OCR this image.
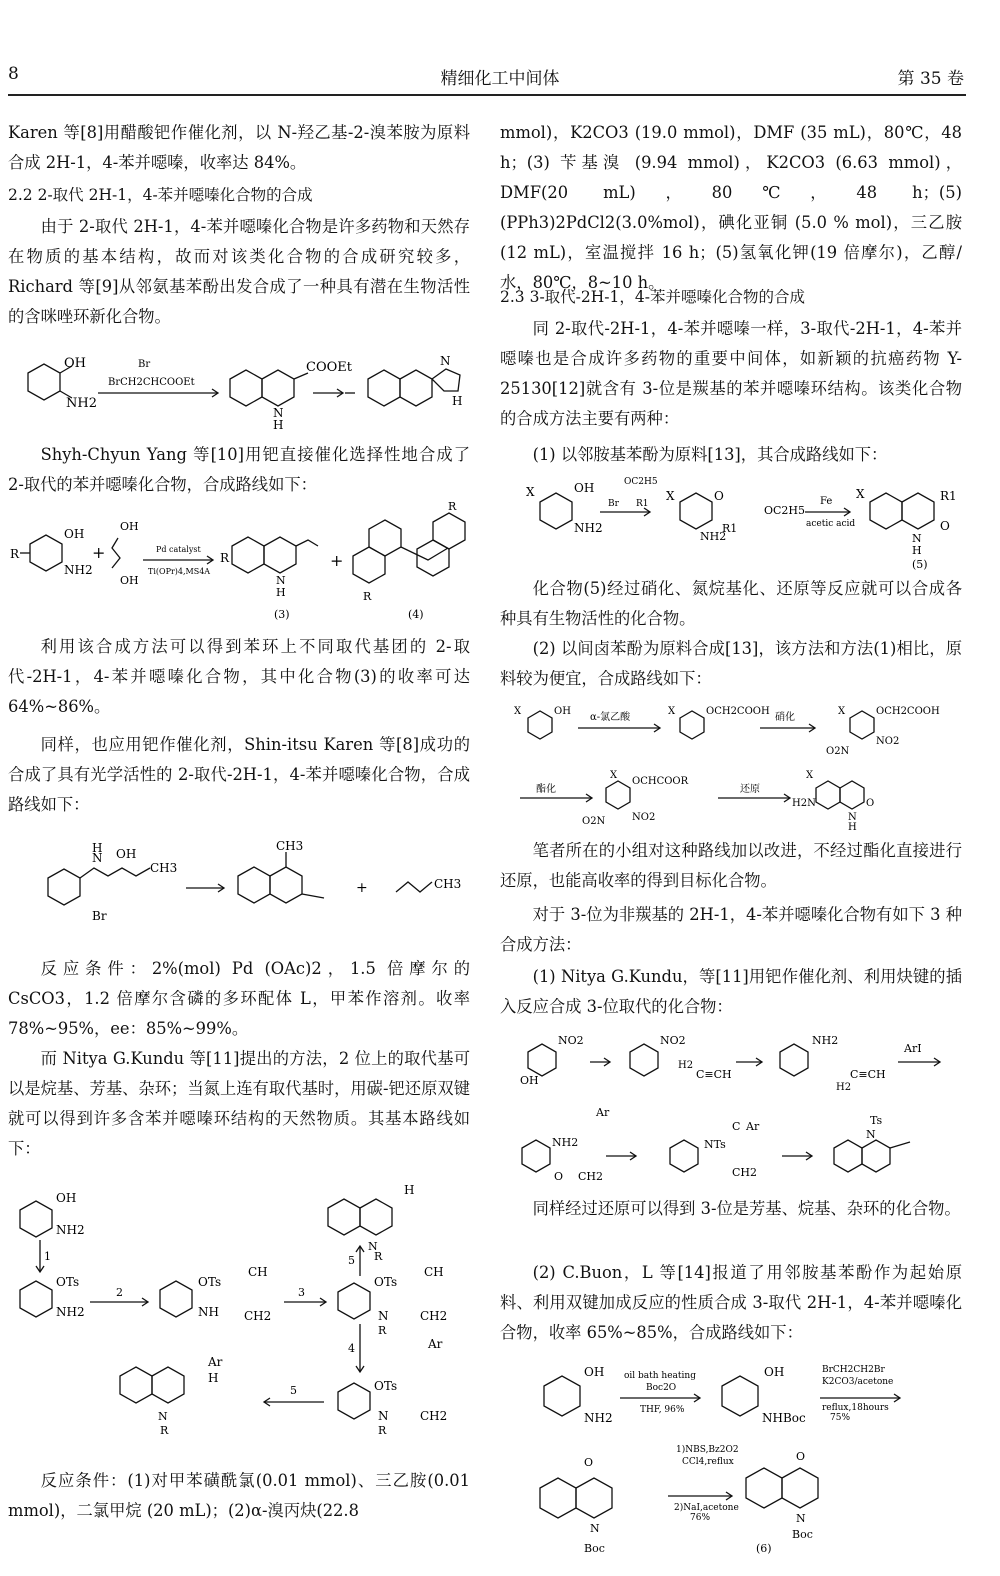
8	精细化工中间体	第 35 卷

Karen 等[8]用醋酸钯作催化剂，以 N-羟乙基-2-溴苯胺为原料合成 2H-1，4-苯并噁嗪，收率达 84%。

2.2 2-取代 2H-1，4-苯并噁嗪化合物的合成

由于 2-取代 2H-1，4-苯并噁嗪化合物是许多药物和天然存在物质的基本结构，故而对该类化合物的合成研究较多，Richard 等[9]从邻氨基苯酚出发合成了一种具有潜在生物活性的含咪唑环新化合物。

OH
NH2
Br
BrCH2CHCOOEt
COOEt
N
H
N
H

Shyh-Chyun Yang 等[10]用钯直接催化选择性地合成了 2-取代的苯并噁嗪化合物，合成路线如下：

R
OH
NH2
+
OH
OH
Pd catalyst
Ti(OPr)4,MS4A
R
N
H
(3)
+
R
R
(4)

利用该合成方法可以得到苯环上不同取代基团的 2-取代-2H-1，4-苯并噁嗪化合物，其中化合物(3)的收率可达 64%~86%。

同样，也应用钯作催化剂，Shin-itsu Karen 等[8]成功的合成了具有光学活性的 2-取代-2H-1，4-苯并噁嗪化合物，合成路线如下：

N
H OH
CH3
Br
CH3
+	CH3

反应条件：2%(mol) Pd (OAc)2，1.5 倍摩尔的 CsCO3，1.2 倍摩尔含磷的多环配体 L，甲苯作溶剂。收率 78%~95%，ee：85%~99%。

而 Nitya G.Kundu 等[11]提出的方法，2 位上的取代基可以是烷基、芳基、杂环；当氮上连有取代基时，用碳-钯还原双键就可以得到许多含苯并噁嗪环结构的天然物质。其基本路线如下：

OH
NH2
1
OTs
NH2
2
OTs
NH CH2
CH
3
OTs
CH
N	CH2
R
5
H
N
R
4
OTs
Ar
N	CH2
R
5
Ar
H
N
R

反应条件：(1)对甲苯磺酰氯(0.01 mmol)、三乙胺(0.01 mmol)，二氯甲烷 (20 mL)；(2)α-溴丙炔(22.8

mmol)，K2CO3 (19.0 mmol)，DMF (35 mL)，80℃，48 h；(3) 苄基溴 (9.94 mmol)，K2CO3 (6.63 mmol)，DMF(20 mL)，80℃，48 h；(5)(PPh3)2PdCl2(3.0%mol)，碘化亚铜 (5.0 % mol)，三乙胺(12 mL)，室温搅拌 16 h；(5)氢氧化钾(19 倍摩尔)，乙醇/水，80℃，8~10 h。

2.3 3-取代-2H-1，4-苯并噁嗪化合物的合成

同 2-取代-2H-1，4-苯并噁嗪一样，3-取代-2H-1，4-苯并噁嗪也是合成许多药物的重要中间体，如新颖的抗癌药物 Y-25130[12]就含有 3-位是羰基的苯并噁嗪环结构。该类化合物的合成方法主要有两种：

(1) 以邻胺基苯酚为原料[13]，其合成路线如下：

X	OH
NH2
OC2H5
Br R1
X	O
OC2H5
R1
NH2
Fe
acetic acid
X	R1
O
N
H
(5)

化合物(5)经过硝化、氮烷基化、还原等反应就可以合成各种具有生物活性的化合物。

(2) 以间卤苯酚为原料合成[13]，该方法和方法(1)相比，原料较为便宜，合成路线如下：

X	OH
α-氯乙酸
X	OCH2COOH
硝化
X	OCH2COOH
O2N
NO2
酯化
X
OCHCOOR
O2N	NO2
还原
X
H2N	O
N
H

笔者所在的小组对这种路线加以改进，不经过酯化直接进行还原，也能高收率的得到目标化合物。

对于 3-位为非羰基的 2H-1，4-苯并噁嗪化合物有如下 3 种合成方法：

(1) Nitya G.Kundu，等[11]用钯作催化剂、利用炔键的插入反应合成 3-位取代的化合物：

NO2
OH
NO2
H2
C≡CH
NH2
C≡CH
H2
ArI
Ar
NH2
O CH2
Ar
C
NTs
CH2
Ts
N

同样经过还原可以得到 3-位是芳基、烷基、杂环的化合物。

(2) C.Buon，L 等[14]报道了用邻胺基苯酚作为起始原料、利用双键加成反应的性质合成 3-取代 2H-1，4-苯并噁嗪化合物，收率 65%~85%，合成路线如下：

OH
NH2
oil bath heating
Boc2O
THF, 96%
OH
NHBoc
BrCH2CH2Br
K2CO3/acetone
reflux,18hours
75%
O
N
Boc
1)NBS,Bz2O2
CCl4,reflux
2)NaI,acetone
76%
O
N
Boc
(6)
